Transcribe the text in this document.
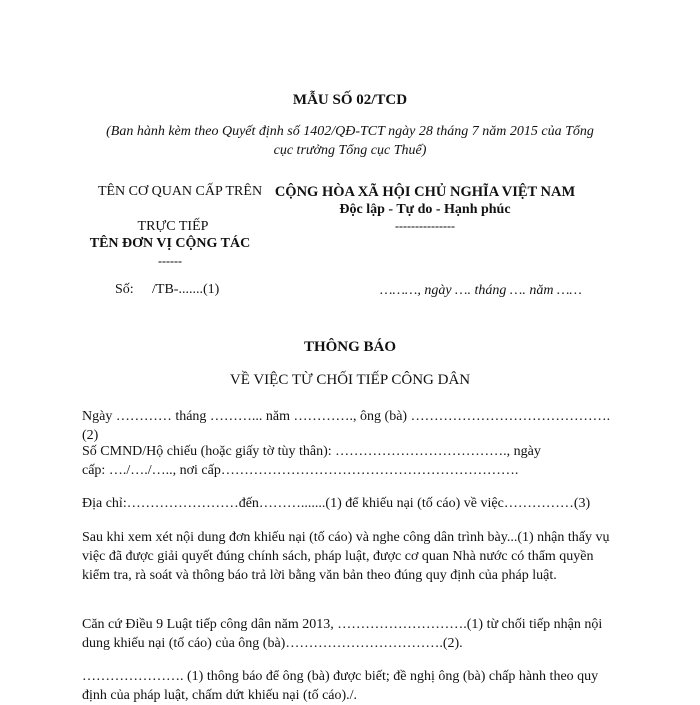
MẪU SỐ 02/TCD
(Ban hành kèm theo Quyết định số 1402/QĐ-TCT ngày 28 tháng 7 năm 2015 của Tổng
cục trưởng Tổng cục Thuế)
TÊN CƠ QUAN CẤP TRÊN
TRỰC TIẾP
TÊN ĐƠN VỊ CỘNG TÁC
------
Số: /TB-.......(1)
CỘNG HÒA XÃ HỘI CHỦ NGHĨA VIỆT NAM
Độc lập - Tự do - Hạnh phúc
---------------
………, ngày …. tháng …. năm ……
THÔNG BÁO
VỀ VIỆC TỪ CHỐI TIẾP CÔNG DÂN
Ngày ………… tháng ………... năm …………., ông (bà) …………………………………….(2)
Số CMND/Hộ chiếu (hoặc giấy tờ tùy thân): ………………………………., ngày
cấp: …./…./….., nơi cấp……………………………………………………….
Địa chỉ:……………………đến……….......(1) để khiếu nại (tố cáo) về việc……………(3)
Sau khi xem xét nội dung đơn khiếu nại (tố cáo) và nghe công dân trình bày...(1) nhận thấy vụ việc đã được giải quyết đúng chính sách, pháp luật, được cơ quan Nhà nước có thẩm quyền kiểm tra, rà soát và thông báo trả lời bằng văn bản theo đúng quy định của pháp luật.
Căn cứ Điều 9 Luật tiếp công dân năm 2013, ……………………….(1) từ chối tiếp nhận nội dung khiếu nại (tố cáo) của ông (bà)…………………………….(2).
…………………. (1) thông báo để ông (bà) được biết; đề nghị ông (bà) chấp hành theo quy định của pháp luật, chấm dứt khiếu nại (tố cáo)./.
